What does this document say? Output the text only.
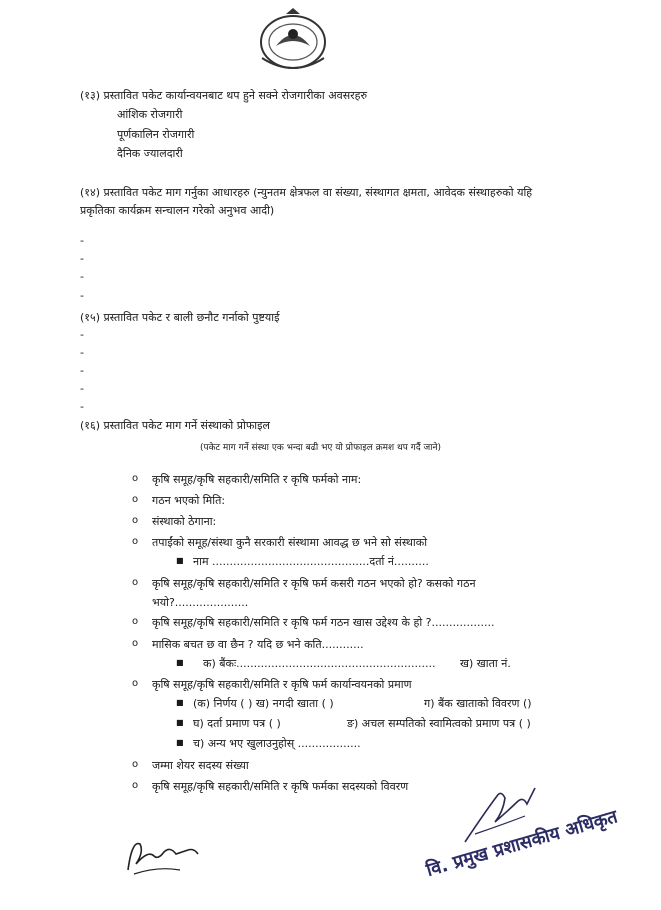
(१३) प्रस्तावित पकेट कार्यान्वयनबाट थप हुने सक्ने रोजगारीका अवसरहरु
आंशिक रोजगारी
पूर्णकालिन रोजगारी
दैनिक ज्यालदारी
(१४) प्रस्तावित पकेट माग गर्नुका आधारहरु (न्युनतम क्षेत्रफल वा संख्या, संस्थागत क्षमता, आवेदक संस्थाहरुको यहि
प्रकृतिका कार्यक्रम सन्चालन गरेको अनुभव आदी)
-
-
-
-
(१५) प्रस्तावित पकेट र बाली छनौट गर्नाको पुष्टयाई
-
-
-
-
-
(१६) प्रस्तावित पकेट माग गर्ने संस्थाको प्रोफाइल
(पकेट माग गर्ने संस्था एक भन्दा बढी भए यो प्रोफाइल क्रमश थप गर्दै जाने)
o कृषि समूह/कृषि सहकारी/समिति र कृषि फर्मको नाम:
o गठन भएको मिति:
o संस्थाको ठेगाना:
o तपाईंको समूह/संस्था कुनै सरकारी संस्थामा आवद्ध छ भने सो संस्थाको
■ नाम .............................................दर्ता नं..........
o कृषि समूह/कृषि सहकारी/समिति र कृषि फर्म कसरी गठन भएको हो? कसको गठन
भयो?.....................
o कृषि समूह/कृषि सहकारी/समिति र कृषि फर्म गठन खास उद्देश्य के हो ?..................
o मासिक बचत छ वा छैन ? यदि छ भने कति............
■ क) बैंकः......................................................... ख) खाता नं.
o कृषि समूह/कृषि सहकारी/समिति र कृषि फर्म कार्यान्वयनको प्रमाण
■ (क) निर्णय ( ) ख) नगदी खाता ( )	ग) बैंक खाताको विवरण ()
■ घ) दर्ता प्रमाण पत्र ( )	ङ) अचल सम्पतिको स्वामित्वको प्रमाण पत्र ( )
■ च) अन्य भए खुलाउनुहोस् ..................
o जम्मा शेयर सदस्य संख्या
o कृषि समूह/कृषि सहकारी/समिति र कृषि फर्मका सदस्यको विवरण
वि. प्रमुख प्रशासकीय अधिकृत
